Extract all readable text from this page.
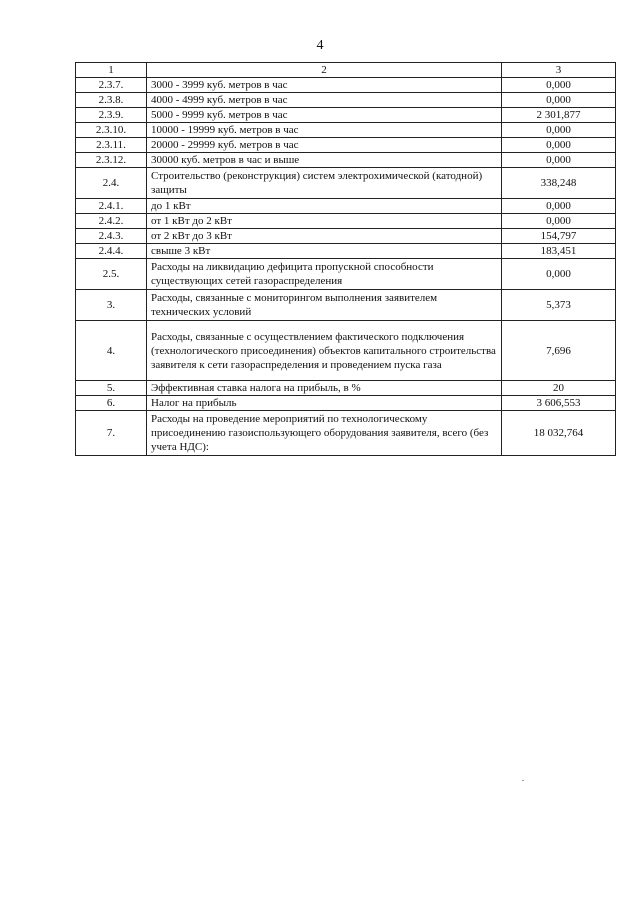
4
1	2	3
2.3.7.	3000 - 3999 куб. метров в час	0,000
2.3.8.	4000 - 4999 куб. метров в час	0,000
2.3.9.	5000 - 9999 куб. метров в час	2 301,877
2.3.10.	10000 - 19999 куб. метров в час	0,000
2.3.11.	20000 - 29999 куб. метров в час	0,000
2.3.12.	30000 куб. метров в час и выше	0,000
2.4.	Строительство (реконструкция) систем электрохимической (катодной) защиты	338,248
2.4.1.	до 1 кВт	0,000
2.4.2.	от 1 кВт до 2 кВт	0,000
2.4.3.	от 2 кВт до 3 кВт	154,797
2.4.4.	свыше 3 кВт	183,451
2.5.	Расходы на ликвидацию дефицита пропускной способности существующих сетей газораспределения	0,000
3.	Расходы, связанные с мониторингом выполнения заявителем технических условий	5,373
4.	Расходы, связанные с осуществлением фактического подключения (технологического присоединения) объектов капитального строительства заявителя к сети газораспределения и проведением пуска газа	7,696
5.	Эффективная ставка налога на прибыль, в %	20
6.	Налог на прибыль	3 606,553
7.	Расходы на проведение мероприятий по технологическому присоединению газоиспользующего оборудования заявителя, всего (без учета НДС):	18 032,764
